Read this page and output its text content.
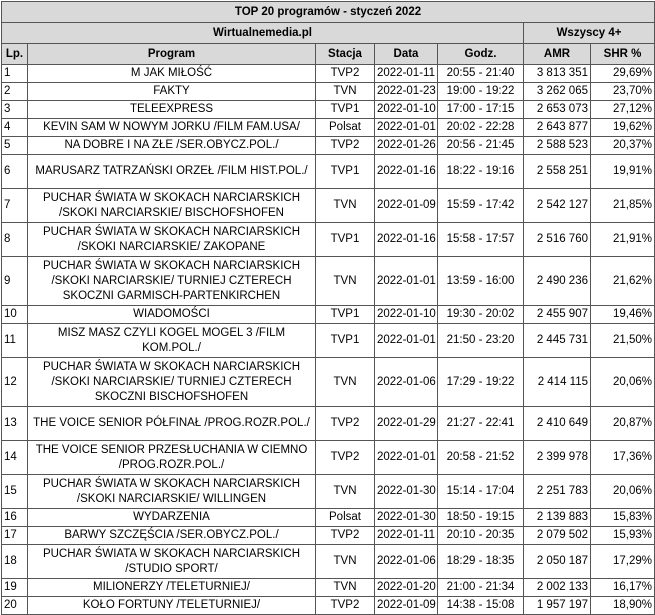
TOP 20 programów - styczeń 2022						
Wirtualnemedia.pl					Wszyscy 4+	
Lp.	Program	Stacja	Data	Godz.	AMR	SHR %
1	M JAK MIŁOŚĆ	TVP2	2022-01-11	20:55 - 21:40	3 813 351	29,69%
2	FAKTY	TVN	2022-01-23	19:00 - 19:22	3 262 065	23,70%
3	TELEEXPRESS	TVP1	2022-01-10	17:00 - 17:15	2 653 073	27,12%
4	KEVIN SAM W NOWYM JORKU /FILM FAM.USA/	Polsat	2022-01-01	20:02 - 22:28	2 643 877	19,62%
5	NA DOBRE I NA ZŁE /SER.OBYCZ.POL./	TVP2	2022-01-26	20:56 - 21:45	2 588 523	20,37%
6	MARUSARZ TATRZAŃSKI ORZEŁ /FILM HIST.POL./	TVP1	2022-01-16	18:22 - 19:16	2 558 251	19,91%
7	PUCHAR ŚWIATA W SKOKACH NARCIARSKICH /SKOKI NARCIARSKIE/ BISCHOFSHOFEN	TVN	2022-01-09	15:59 - 17:42	2 542 127	21,85%
8	PUCHAR ŚWIATA W SKOKACH NARCIARSKICH /SKOKI NARCIARSKIE/ ZAKOPANE	TVP1	2022-01-16	15:58 - 17:57	2 516 760	21,91%
9	PUCHAR ŚWIATA W SKOKACH NARCIARSKICH /SKOKI NARCIARSKIE/ TURNIEJ CZTERECH SKOCZNI GARMISCH-PARTENKIRCHEN	TVN	2022-01-01	13:59 - 16:00	2 490 236	21,62%
10	WIADOMOŚCI	TVP1	2022-01-10	19:30 - 20:02	2 455 907	19,46%
11	MISZ MASZ CZYLI KOGEL MOGEL 3 /FILM KOM.POL./	TVP1	2022-01-01	21:50 - 23:20	2 445 731	21,50%
12	PUCHAR ŚWIATA W SKOKACH NARCIARSKICH /SKOKI NARCIARSKIE/ TURNIEJ CZTERECH SKOCZNI BISCHOFSHOFEN	TVN	2022-01-06	17:29 - 19:22	2 414 115	20,06%
13	THE VOICE SENIOR PÓŁFINAŁ /PROG.ROZR.POL./	TVP2	2022-01-29	21:27 - 22:41	2 410 649	20,87%
14	THE VOICE SENIOR PRZESŁUCHANIA W CIEMNO /PROG.ROZR.POL./	TVP2	2022-01-01	20:58 - 21:52	2 399 978	17,36%
15	PUCHAR ŚWIATA W SKOKACH NARCIARSKICH /SKOKI NARCIARSKIE/ WILLINGEN	TVN	2022-01-30	15:14 - 17:04	2 251 783	20,06%
16	WYDARZENIA	Polsat	2022-01-30	18:50 - 19:15	2 139 883	15,83%
17	BARWY SZCZĘŚCIA /SER.OBYCZ.POL./	TVP2	2022-01-11	20:10 - 20:35	2 079 502	15,93%
18	PUCHAR ŚWIATA W SKOKACH NARCIARSKICH /STUDIO SPORT/	TVN	2022-01-06	18:29 - 18:35	2 050 187	17,29%
19	MILIONERZY /TELETURNIEJ/	TVN	2022-01-20	21:00 - 21:34	2 002 133	16,17%
20	KOŁO FORTUNY /TELETURNIEJ/	TVP2	2022-01-09	14:38 - 15:08	1 957 197	18,90%
